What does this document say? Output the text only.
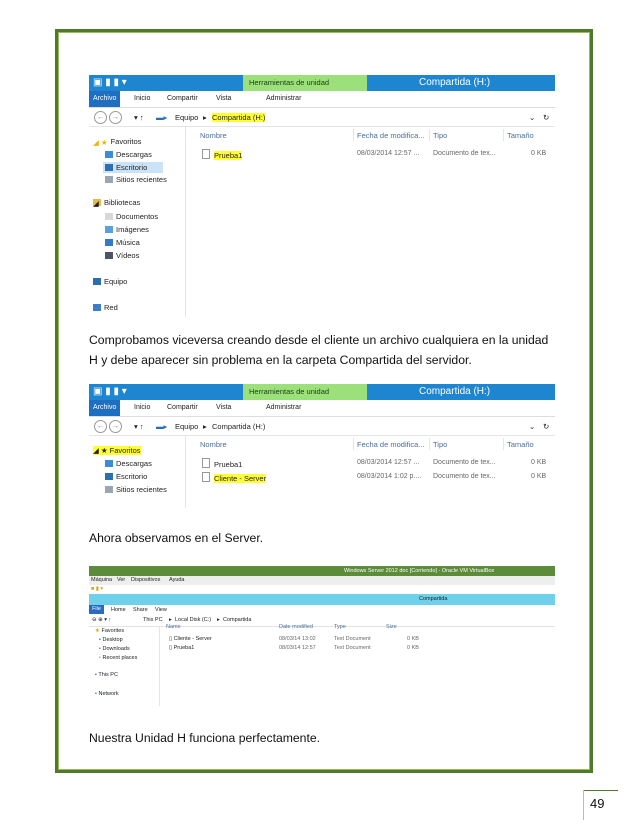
▣ ▮ ▮ ▾	Herramientas de unidad	Compartida (H:)
Archivo	Inicio Compartir	Vista	Administrar
←	→	▾ ↑ ▬▸ Equipo ▸ Compartida (H:)	⌄ ↻
◢ ★ Favoritos
Descargas
Escritorio
Sitios recientes
◢ Bibliotecas
Documentos
Imágenes
Música
Vídeos
Equipo
Red
Nombre	Fecha de modifica... Tipo	Tamaño
Prueba1	08/03/2014 12:57 ... Documento de tex...	0 KB
Comprobamos viceversa creando desde el cliente un archivo cualquiera en la unidad H y debe aparecer sin problema en la carpeta Compartida del servidor.
▣ ▮ ▮ ▾	Herramientas de unidad	Compartida (H:)
Archivo	Inicio Compartir	Vista	Administrar
←	→	▾ ↑ ▬▸ Equipo ▸ Compartida (H:)	⌄ ↻
◢ ★ Favoritos
Descargas
Escritorio
Sitios recientes
Nombre	Fecha de modifica... Tipo	Tamaño
Prueba1	08/03/2014 12:57 ... Documento de tex...	0 KB
Cliente - Server	08/03/2014 1:02 p.... Documento de tex...	0 KB
Ahora observamos en el Server.
Windows Server 2012 doc [Corriendo] - Oracle VM VirtualBox
Máquina Ver Dispositivos Ayuda
■ ▮ ▾
Compartida
File	Home Share View
⊖ ⊕ ▾ ↑	This PC ▸ Local Disk (C:) ▸ Compartida
★ Favorites
▪ Desktop
▪ Downloads
▪ Recent places
▪ This PC
▪ Network
Name	Date modified	Type	Size
▯ Cliente - Server	08/03/14 13:02	Text Document	0 KB
▯ Prueba1	08/03/14 12:57	Text Document	0 KB
Nuestra Unidad H funciona perfectamente.
49
